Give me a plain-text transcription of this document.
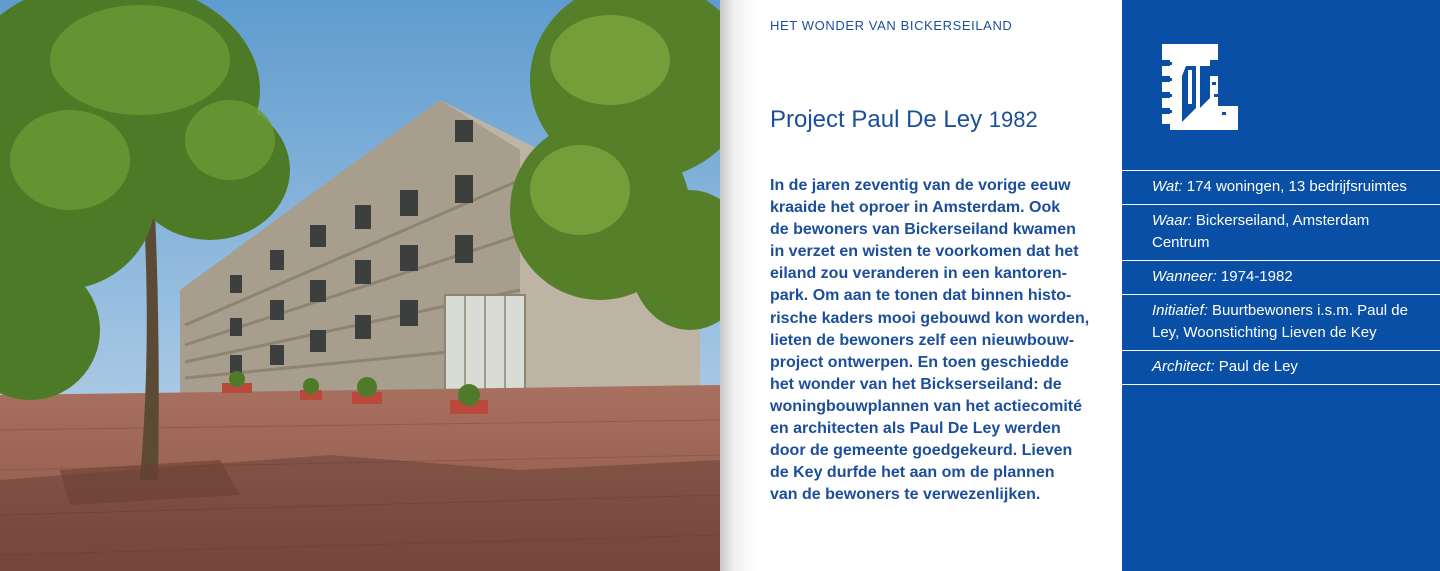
HET WONDER VAN BICKERSEILAND
Project Paul De Ley 1982
In de jaren zeventig van de vorige eeuw
kraaide het oproer in Amsterdam. Ook
de bewoners van Bickerseiland kwamen
in verzet en wisten te voorkomen dat het
eiland zou veranderen in een kantoren-
park. Om aan te tonen dat binnen histo-
rische kaders mooi gebouwd kon worden,
lieten de bewoners zelf een nieuwbouw-
project ontwerpen. En toen geschiedde
het wonder van het Bickserseiland: de
woningbouwplannen van het actiecomité
en architecten als Paul De Ley werden
door de gemeente goedgekeurd. Lieven
de Key durfde het aan om de plannen
van de bewoners te verwezenlijken.
Wat: 174 woningen, 13 bedrijfsruimtes
Waar: Bickerseiland, Amsterdam Centrum
Wanneer: 1974-1982
Initiatief: Buurtbewoners i.s.m. Paul de Ley, Woonstichting Lieven de Key
Architect: Paul de Ley
